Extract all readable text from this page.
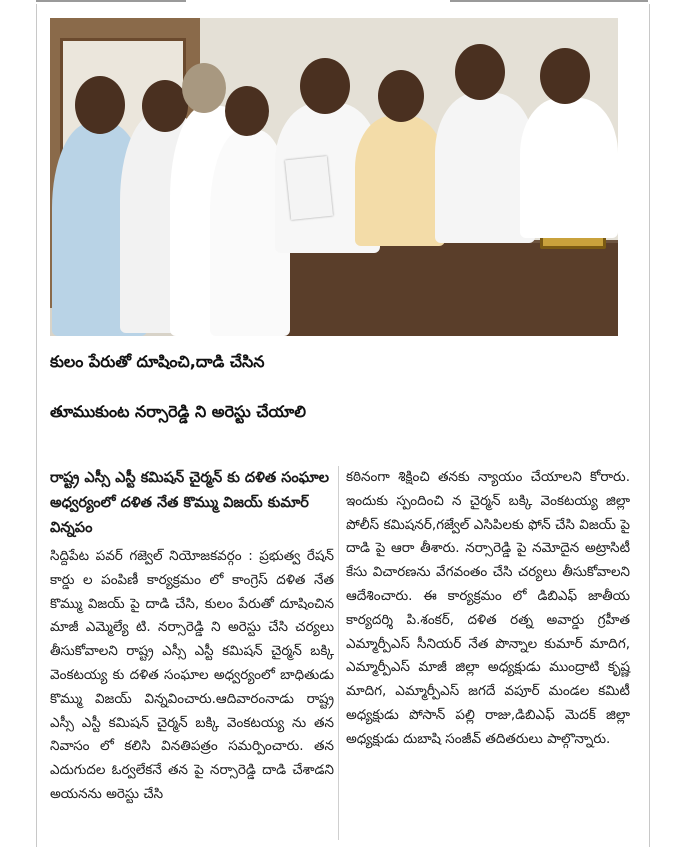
కులం పేరుతో దూషించి,దాడి చేసిన
తూముకుంట నర్సారెడ్డి ని అరెస్టు చేయాలి
రాష్ట్ర ఎస్సీ ఎస్టీ కమిషన్ చైర్మన్ కు దళిత సంఘాల అధ్వర్యంలో దళిత నేత కొమ్ము విజయ్ కుమార్ విన్నపం
సిద్దిపేట పవర్ గజ్వెల్ నియోజకవర్గం : ప్రభుత్వ రేషన్ కార్డు ల పంపిణీ కార్యక్రమం లో కాంగ్రెస్ దళిత నేత కొమ్ము విజయ్ పై దాడి చేసి, కులం పేరుతో దూషించిన మాజీ ఎమ్మెల్యే టి. నర్సారెడ్డి ని అరెస్టు చేసి చర్యలు తీసుకోవాలని రాష్ట్ర ఎస్సీ ఎస్టీ కమిషన్ చైర్మన్ బక్కి వెంకటయ్య కు దళిత సంఘాల అధ్వర్యంలో బాధితుడు కొమ్ము విజయ్ విన్నవించారు.ఆదివారంనాడు రాష్ట్ర ఎస్సీ ఎస్టీ కమిషన్ చైర్మన్ బక్కి వెంకటయ్య ను తన నివాసం లో కలిసి వినతిపత్రం సమర్పించారు. తన ఎదుగుదల ఓర్వలేకనే తన పై నర్సారెడ్డి దాడి చేశాడని అయనను అరెస్టు చేసి
కఠినంగా శిక్షించి తనకు న్యాయం చేయాలని కోరారు. ఇందుకు స్పందించి న చైర్మన్ బక్కి వెంకటయ్య జిల్లా పోలీస్ కమిషనర్,గజ్వేల్ ఎసిపిలకు ఫోన్ చేసి విజయ్ పై దాడి పై ఆరా తీశారు. నర్సారెడ్డి పై నమోదైన అట్రాసిటీ కేసు విచారణను వేగవంతం చేసి చర్యలు తీసుకోవాలని ఆదేశించారు. ఈ కార్యక్రమం లో డిబిఎఫ్ జాతీయ కార్యదర్శి పి.శంకర్, దళిత రత్న అవార్డు గ్రహీత ఎమ్మార్పీఎస్ సీనియర్ నేత పొన్నాల కుమార్ మాదిగ, ఎమ్మార్పీఎస్ మాజీ జిల్లా అధ్యక్షుడు ముంద్రాటి కృష్ణ మాదిగ, ఎమ్మార్పీఎస్ జగదే వపూర్ మండల కమిటీ అధ్యక్షుడు పోసాన్ పల్లి రాజు,డిబిఎఫ్ మెదక్ జిల్లా అధ్యక్షుడు దుబాషి సంజీవ్ తదితరులు పాల్గొన్నారు.
